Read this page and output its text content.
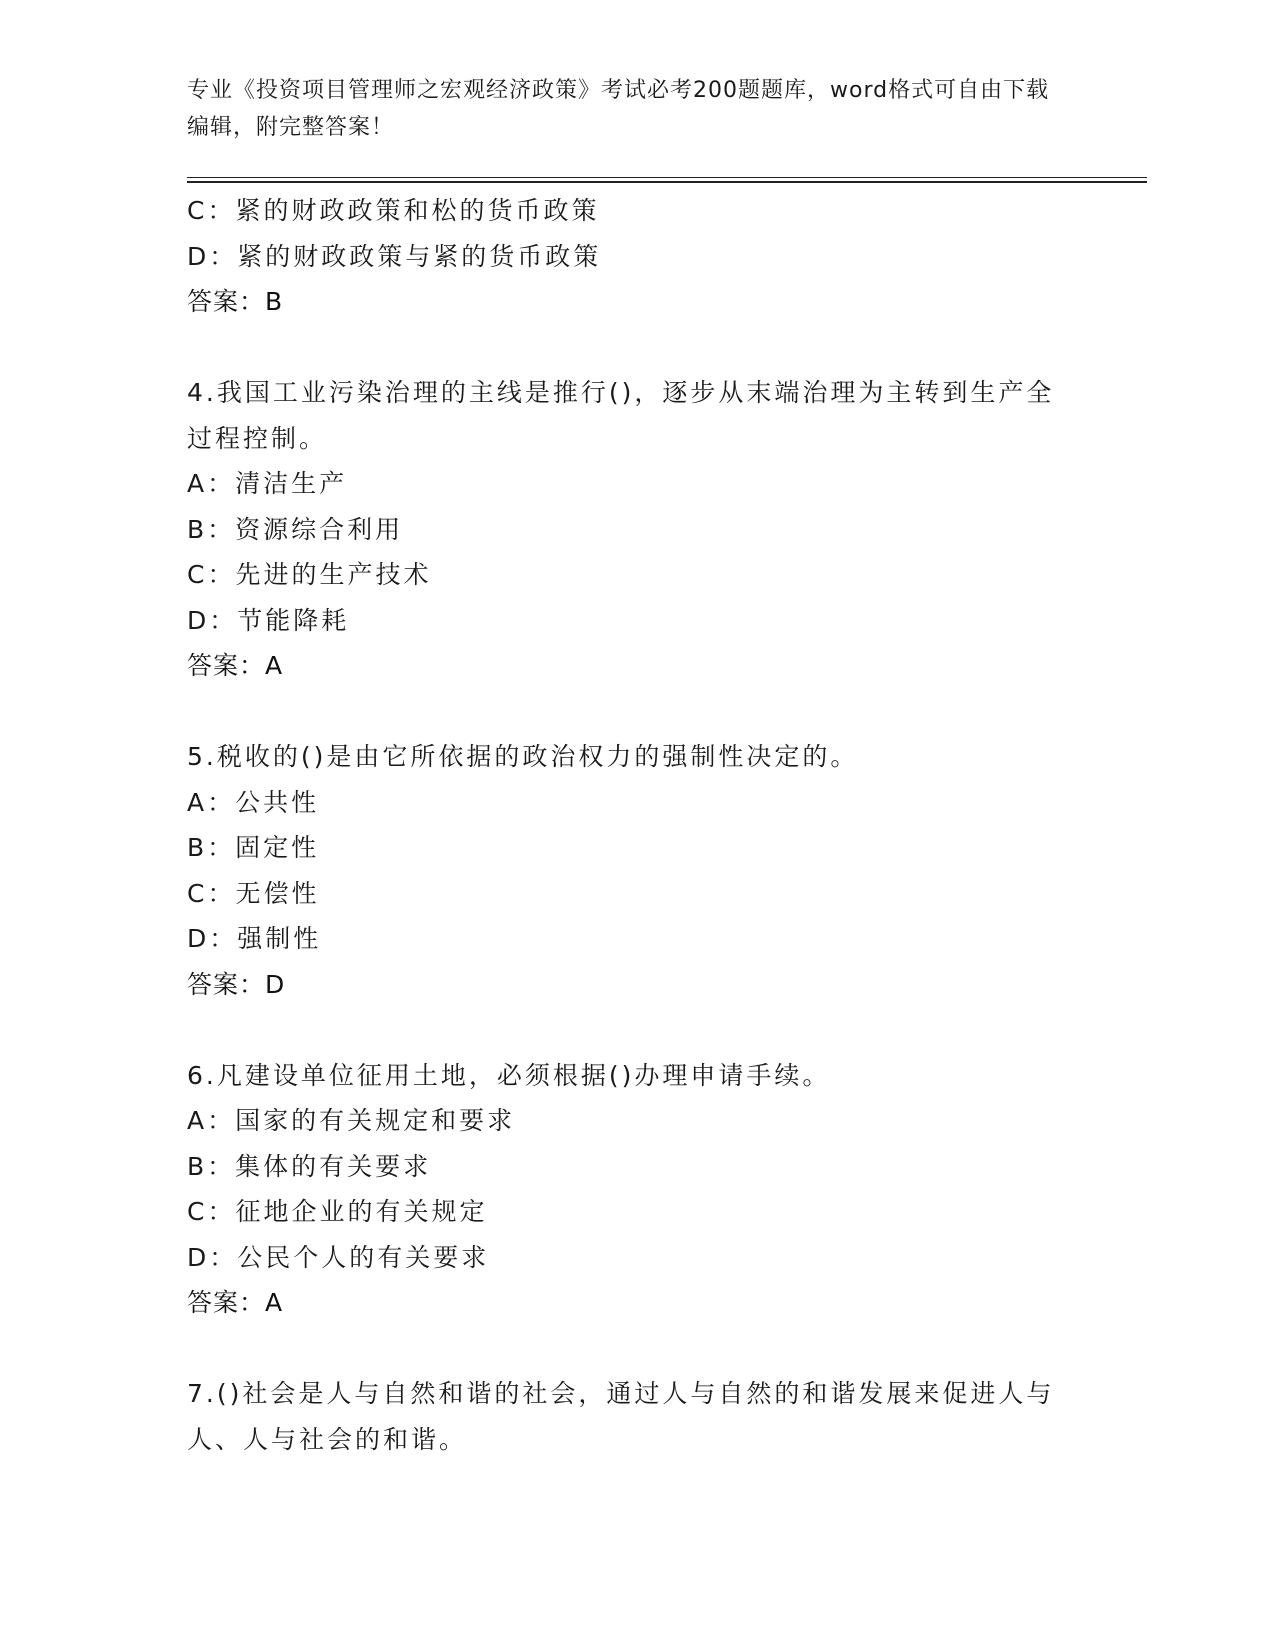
专业《投资项目管理师之宏观经济政策》考试必考200题题库，word格式可自由下载编辑，附完整答案！
C：紧的财政政策和松的货币政策
D：紧的财政政策与紧的货币政策
答案：B
4.我国工业污染治理的主线是推行()，逐步从末端治理为主转到生产全过程控制。
A：清洁生产
B：资源综合利用
C：先进的生产技术
D：节能降耗
答案：A
5.税收的()是由它所依据的政治权力的强制性决定的。
A：公共性
B：固定性
C：无偿性
D：强制性
答案：D
6.凡建设单位征用土地，必须根据()办理申请手续。
A：国家的有关规定和要求
B：集体的有关要求
C：征地企业的有关规定
D：公民个人的有关要求
答案：A
7.()社会是人与自然和谐的社会，通过人与自然的和谐发展来促进人与人、人与社会的和谐。
